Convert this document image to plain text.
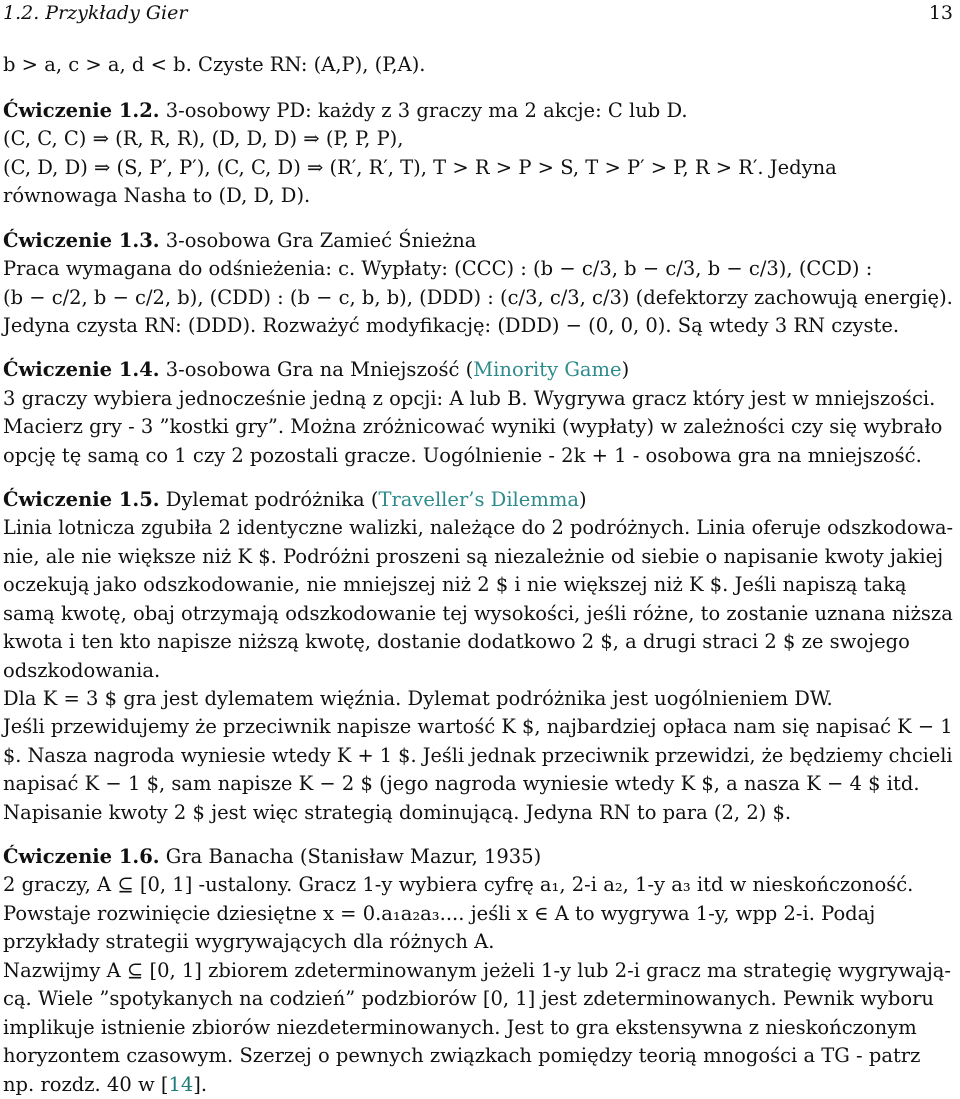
1.2. Przykłady Gier	13
b > a, c > a, d < b. Czyste RN: (A,P), (P,A).
Ćwiczenie 1.2. 3-osobowy PD: każdy z 3 graczy ma 2 akcje: C lub D.
(C, C, C) ⇒ (R, R, R), (D, D, D) ⇒ (P, P, P),
(C, D, D) ⇒ (S, P′, P′), (C, C, D) ⇒ (R′, R′, T), T > R > P > S, T > P′ > P, R > R′. Jedyna
równowaga Nasha to (D, D, D).
Ćwiczenie 1.3. 3-osobowa Gra Zamieć Śnieżna
Praca wymagana do odśnieżenia: c. Wypłaty: (CCC) : (b − c/3, b − c/3, b − c/3), (CCD) :
(b − c/2, b − c/2, b), (CDD) : (b − c, b, b), (DDD) : (c/3, c/3, c/3) (defektorzy zachowują energię).
Jedyna czysta RN: (DDD). Rozważyć modyfikację: (DDD) − (0, 0, 0). Są wtedy 3 RN czyste.
Ćwiczenie 1.4. 3-osobowa Gra na Mniejszość (Minority Game)
3 graczy wybiera jednocześnie jedną z opcji: A lub B. Wygrywa gracz który jest w mniejszości.
Macierz gry - 3 ”kostki gry”. Można zróżnicować wyniki (wypłaty) w zależności czy się wybrało
opcję tę samą co 1 czy 2 pozostali gracze. Uogólnienie - 2k + 1 - osobowa gra na mniejszość.
Ćwiczenie 1.5. Dylemat podróżnika (Traveller’s Dilemma)
Linia lotnicza zgubiła 2 identyczne walizki, należące do 2 podróżnych. Linia oferuje odszkodowa-
nie, ale nie większe niż K $. Podróżni proszeni są niezależnie od siebie o napisanie kwoty jakiej
oczekują jako odszkodowanie, nie mniejszej niż 2 $ i nie większej niż K $. Jeśli napiszą taką
samą kwotę, obaj otrzymają odszkodowanie tej wysokości, jeśli różne, to zostanie uznana niższa
kwota i ten kto napisze niższą kwotę, dostanie dodatkowo 2 $, a drugi straci 2 $ ze swojego
odszkodowania.
Dla K = 3 $ gra jest dylematem więźnia. Dylemat podróżnika jest uogólnieniem DW.
Jeśli przewidujemy że przeciwnik napisze wartość K $, najbardziej opłaca nam się napisać K − 1
$. Nasza nagroda wyniesie wtedy K + 1 $. Jeśli jednak przeciwnik przewidzi, że będziemy chcieli
napisać K − 1 $, sam napisze K − 2 $ (jego nagroda wyniesie wtedy K $, a nasza K − 4 $ itd.
Napisanie kwoty 2 $ jest więc strategią dominującą. Jedyna RN to para (2, 2) $.
Ćwiczenie 1.6. Gra Banacha (Stanisław Mazur, 1935)
2 graczy, A ⊆ [0, 1] -ustalony. Gracz 1-y wybiera cyfrę a₁, 2-i a₂, 1-y a₃ itd w nieskończoność.
Powstaje rozwinięcie dziesiętne x = 0.a₁a₂a₃.... jeśli x ∈ A to wygrywa 1-y, wpp 2-i. Podaj
przykłady strategii wygrywających dla różnych A.
Nazwijmy A ⊆ [0, 1] zbiorem zdeterminowanym jeżeli 1-y lub 2-i gracz ma strategię wygrywają-
cą. Wiele ”spotykanych na codzień” podzbiorów [0, 1] jest zdeterminowanych. Pewnik wyboru
implikuje istnienie zbiorów niezdeterminowanych. Jest to gra ekstensywna z nieskończonym
horyzontem czasowym. Szerzej o pewnych związkach pomiędzy teorią mnogości a TG - patrz
np. rozdz. 40 w [14].
